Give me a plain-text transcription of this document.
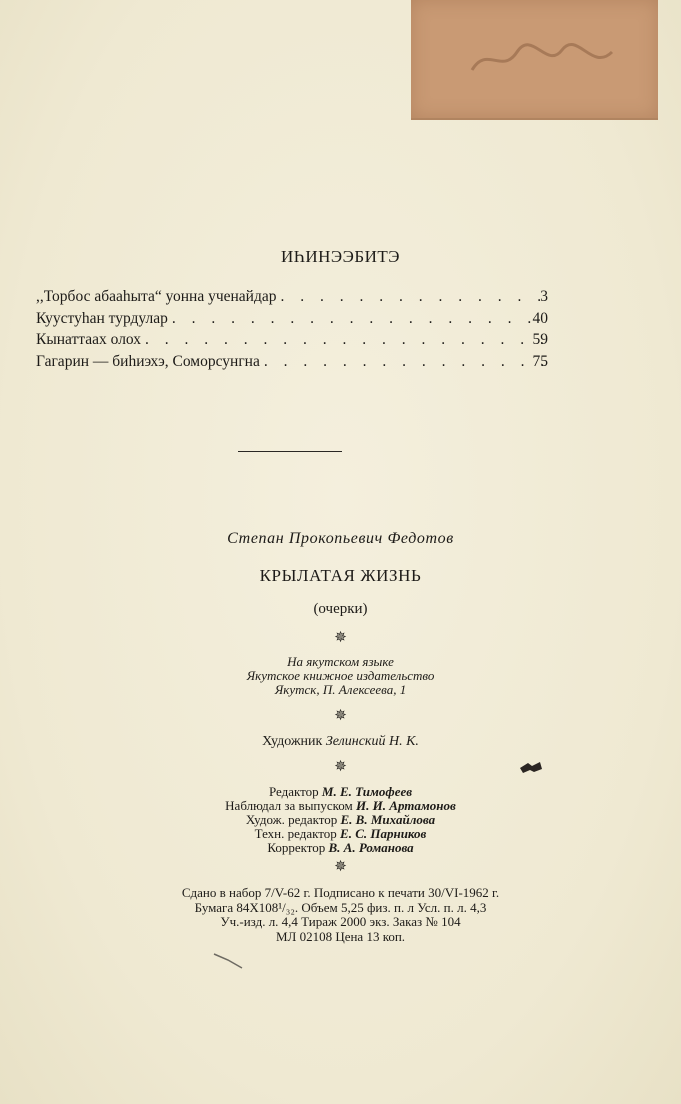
ИҺИНЭЭБИТЭ
,,Торбос абааһыта“ уонна ученайдар . . .	3
Куустуһан турдулар . . .	40
Кынаттаах олох . . .	59
Гагарин — биһиэхэ, Соморсунгна . . .	75
Степан Прокопьевич Федотов
КРЫЛАТАЯ ЖИЗНЬ
(очерки)
✵
На якутском языке
Якутское книжное издательство
Якутск, П. Алексеева, 1
✵
Художник Зелинский Н. К.
✵
Редактор М. Е. Тимофеев
Наблюдал за выпуском И. И. Артамонов
Худож. редактор Е. В. Михайлова
Техн. редактор Е. С. Парников
Корректор В. А. Романова
✵
Сдано в набор 7/V-62 г. Подписано к печати 30/VI-1962 г.
Бумага 84Х108¹/₃₂. Объем 5,25 физ. п. л Усл. п. л. 4,3
Уч.-изд. л. 4,4 Тираж 2000 экз. Заказ № 104
МЛ 02108 Цена 13 коп.
